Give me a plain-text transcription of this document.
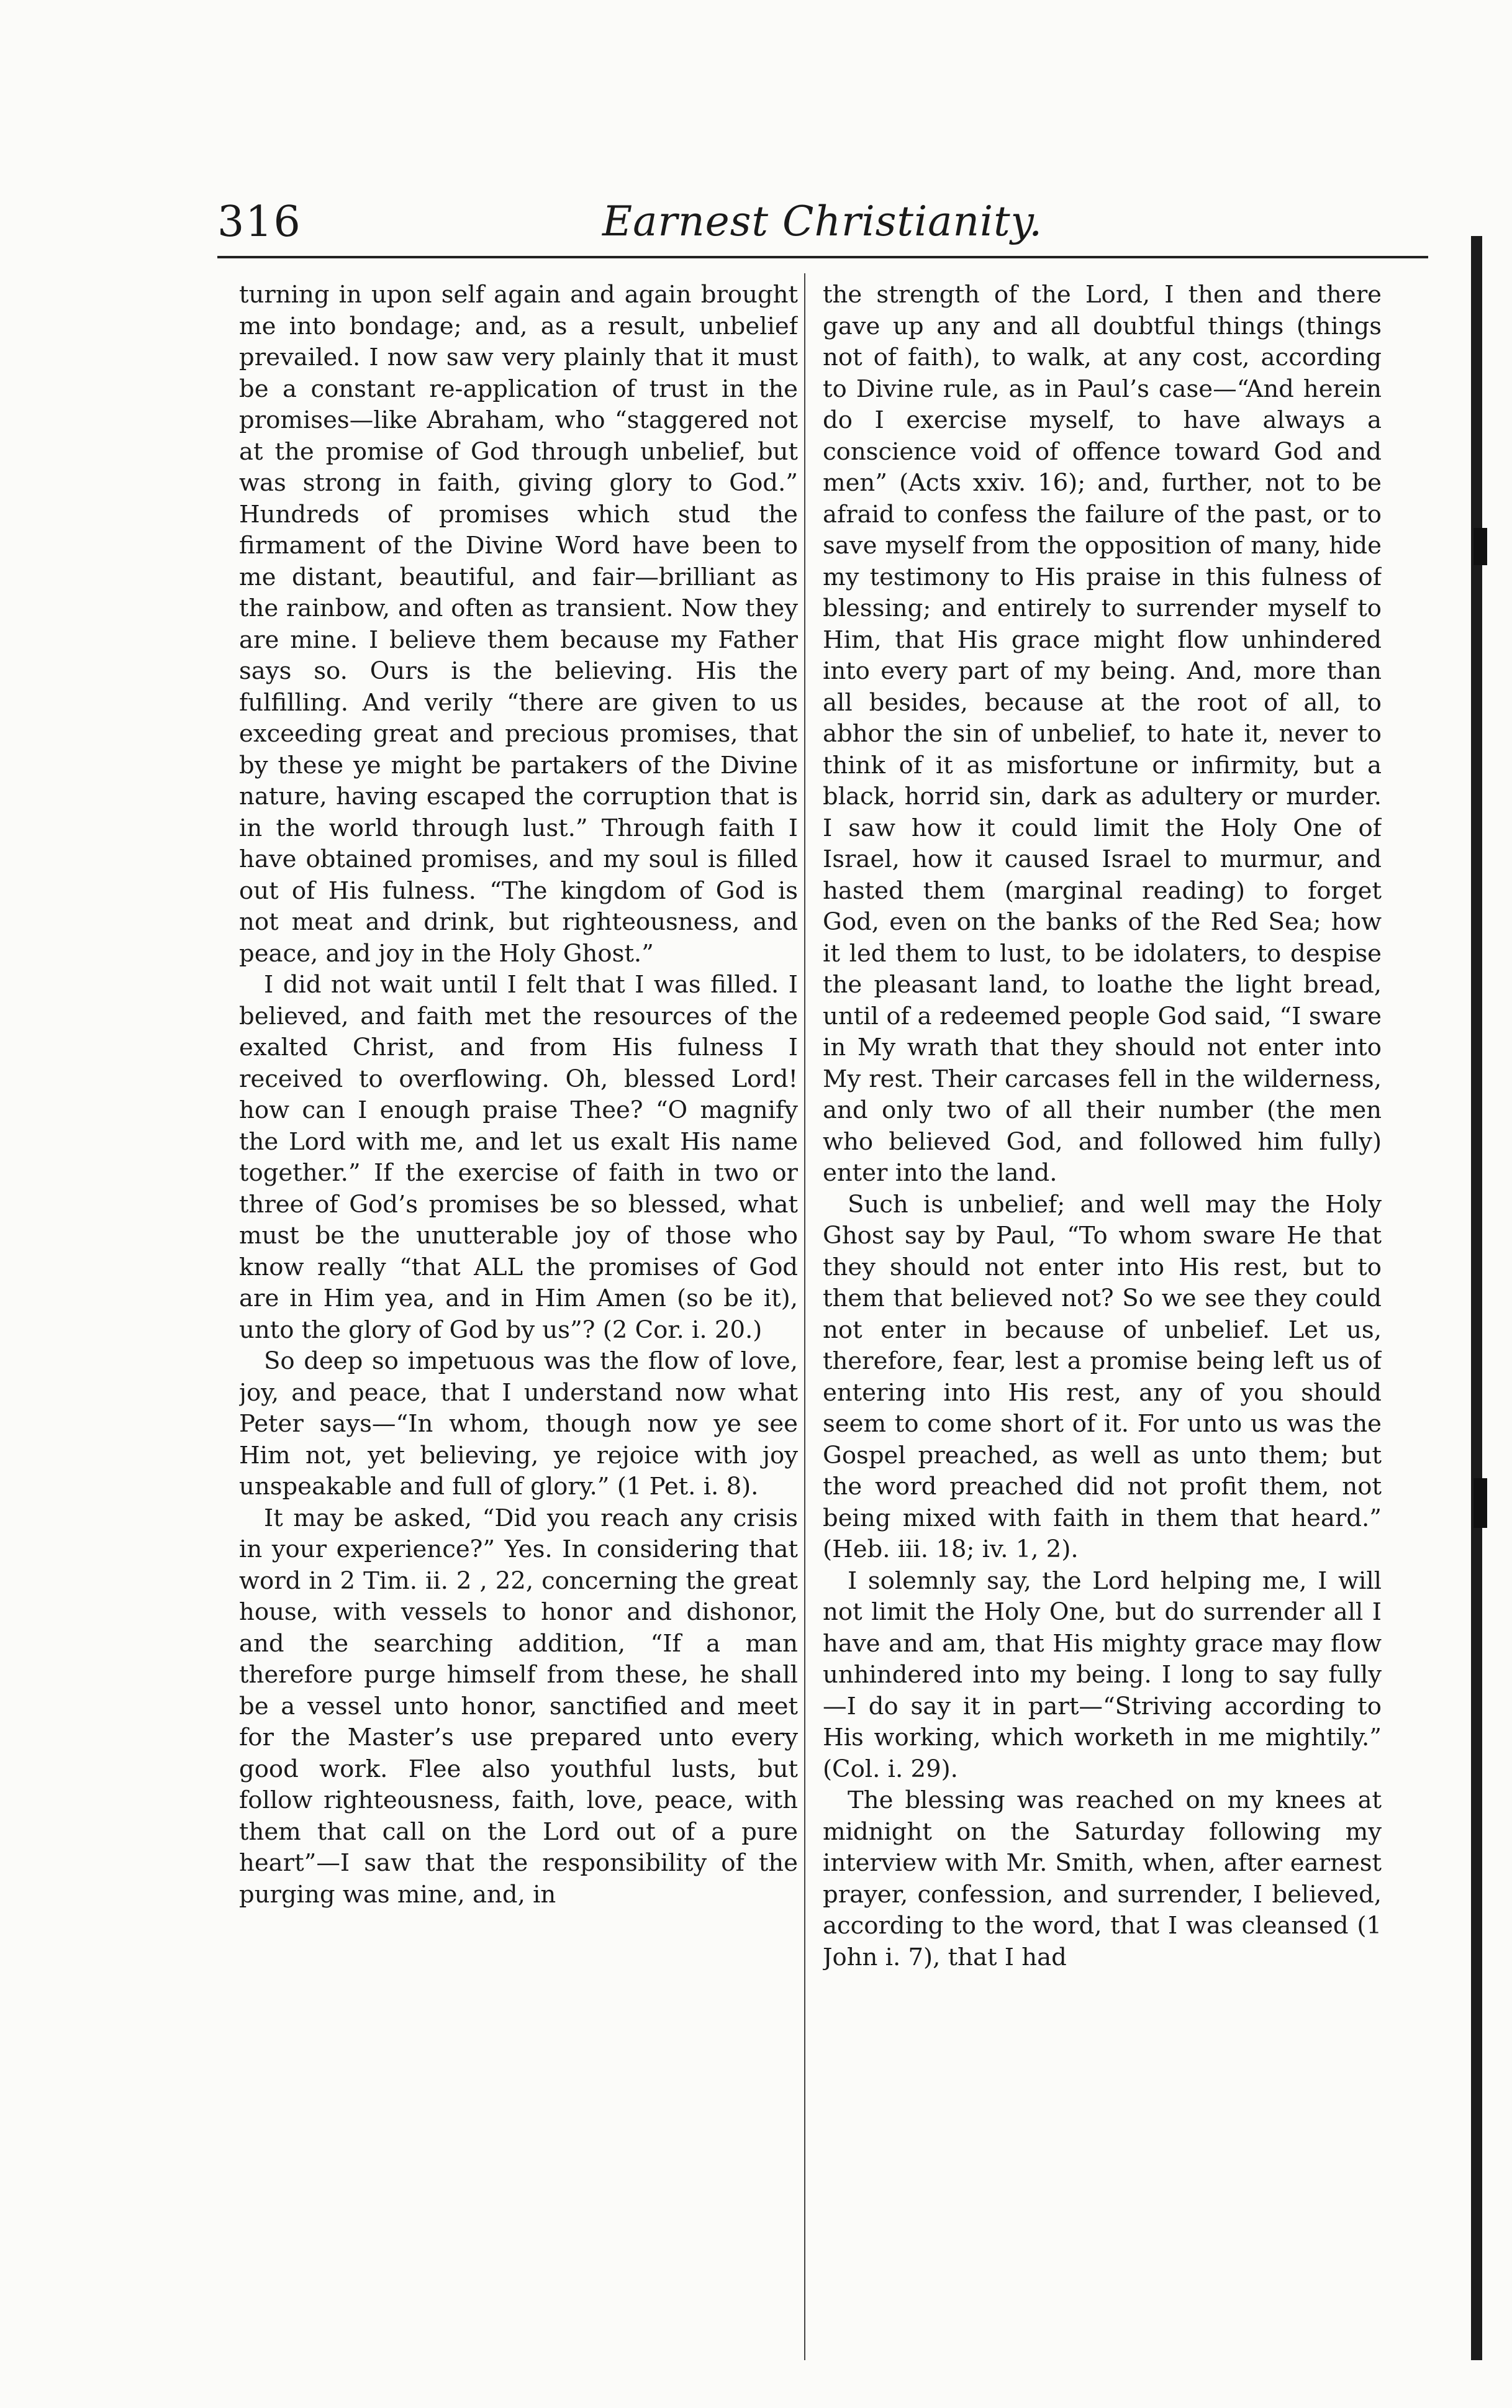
316	Earnest Christianity.

turning in upon self again and again brought me into bondage; and, as a result, unbelief prevailed. I now saw very plainly that it must be a constant re-application of trust in the promises—like Abraham, who “staggered not at the promise of God through unbelief, but was strong in faith, giving glory to God.” Hundreds of promises which stud the firmament of the Divine Word have been to me distant, beautiful, and fair—brilliant as the rainbow, and often as transient. Now they are mine. I believe them because my Father says so. Ours is the believing. His the fulfilling. And verily “there are given to us exceeding great and precious promises, that by these ye might be partakers of the Divine nature, having escaped the corruption that is in the world through lust.” Through faith I have obtained promises, and my soul is filled out of His fulness. “The kingdom of God is not meat and drink, but righteousness, and peace, and joy in the Holy Ghost.”

I did not wait until I felt that I was filled. I believed, and faith met the resources of the exalted Christ, and from His fulness I received to overflowing. Oh, blessed Lord! how can I enough praise Thee? “O magnify the Lord with me, and let us exalt His name together.” If the exercise of faith in two or three of God’s promises be so blessed, what must be the unutterable joy of those who know really “that ALL the promises of God are in Him yea, and in Him Amen (so be it), unto the glory of God by us”? (2 Cor. i. 20.)

So deep so impetuous was the flow of love, joy, and peace, that I understand now what Peter says—“In whom, though now ye see Him not, yet believing, ye rejoice with joy unspeakable and full of glory.” (1 Pet. i. 8).

It may be asked, “Did you reach any crisis in your experience?” Yes. In considering that word in 2 Tim. ii. 2 , 22, concerning the great house, with vessels to honor and dishonor, and the searching addition, “If a man therefore purge himself from these, he shall be a vessel unto honor, sanctified and meet for the Master’s use prepared unto every good work. Flee also youthful lusts, but follow righteousness, faith, love, peace, with them that call on the Lord out of a pure heart”—I saw that the responsibility of the purging was mine, and, in

the strength of the Lord, I then and there gave up any and all doubtful things (things not of faith), to walk, at any cost, according to Divine rule, as in Paul’s case—“And herein do I exercise myself, to have always a conscience void of offence toward God and men” (Acts xxiv. 16); and, further, not to be afraid to confess the failure of the past, or to save myself from the opposition of many, hide my testimony to His praise in this fulness of blessing; and entirely to surrender myself to Him, that His grace might flow unhindered into every part of my being. And, more than all besides, because at the root of all, to abhor the sin of unbelief, to hate it, never to think of it as misfortune or infirmity, but a black, horrid sin, dark as adultery or murder. I saw how it could limit the Holy One of Israel, how it caused Israel to murmur, and hasted them (marginal reading) to forget God, even on the banks of the Red Sea; how it led them to lust, to be idolaters, to despise the pleasant land, to loathe the light bread, until of a redeemed people God said, “I sware in My wrath that they should not enter into My rest. Their carcases fell in the wilderness, and only two of all their number (the men who believed God, and followed him fully) enter into the land.

Such is unbelief; and well may the Holy Ghost say by Paul, “To whom sware He that they should not enter into His rest, but to them that believed not? So we see they could not enter in because of unbelief. Let us, therefore, fear, lest a promise being left us of entering into His rest, any of you should seem to come short of it. For unto us was the Gospel preached, as well as unto them; but the word preached did not profit them, not being mixed with faith in them that heard.” (Heb. iii. 18; iv. 1, 2).

I solemnly say, the Lord helping me, I will not limit the Holy One, but do surrender all I have and am, that His mighty grace may flow unhindered into my being. I long to say fully—I do say it in part—“Striving according to His working, which worketh in me mightily.” (Col. i. 29).

The blessing was reached on my knees at midnight on the Saturday following my interview with Mr. Smith, when, after earnest prayer, confession, and surrender, I believed, according to the word, that I was cleansed (1 John i. 7), that I had
